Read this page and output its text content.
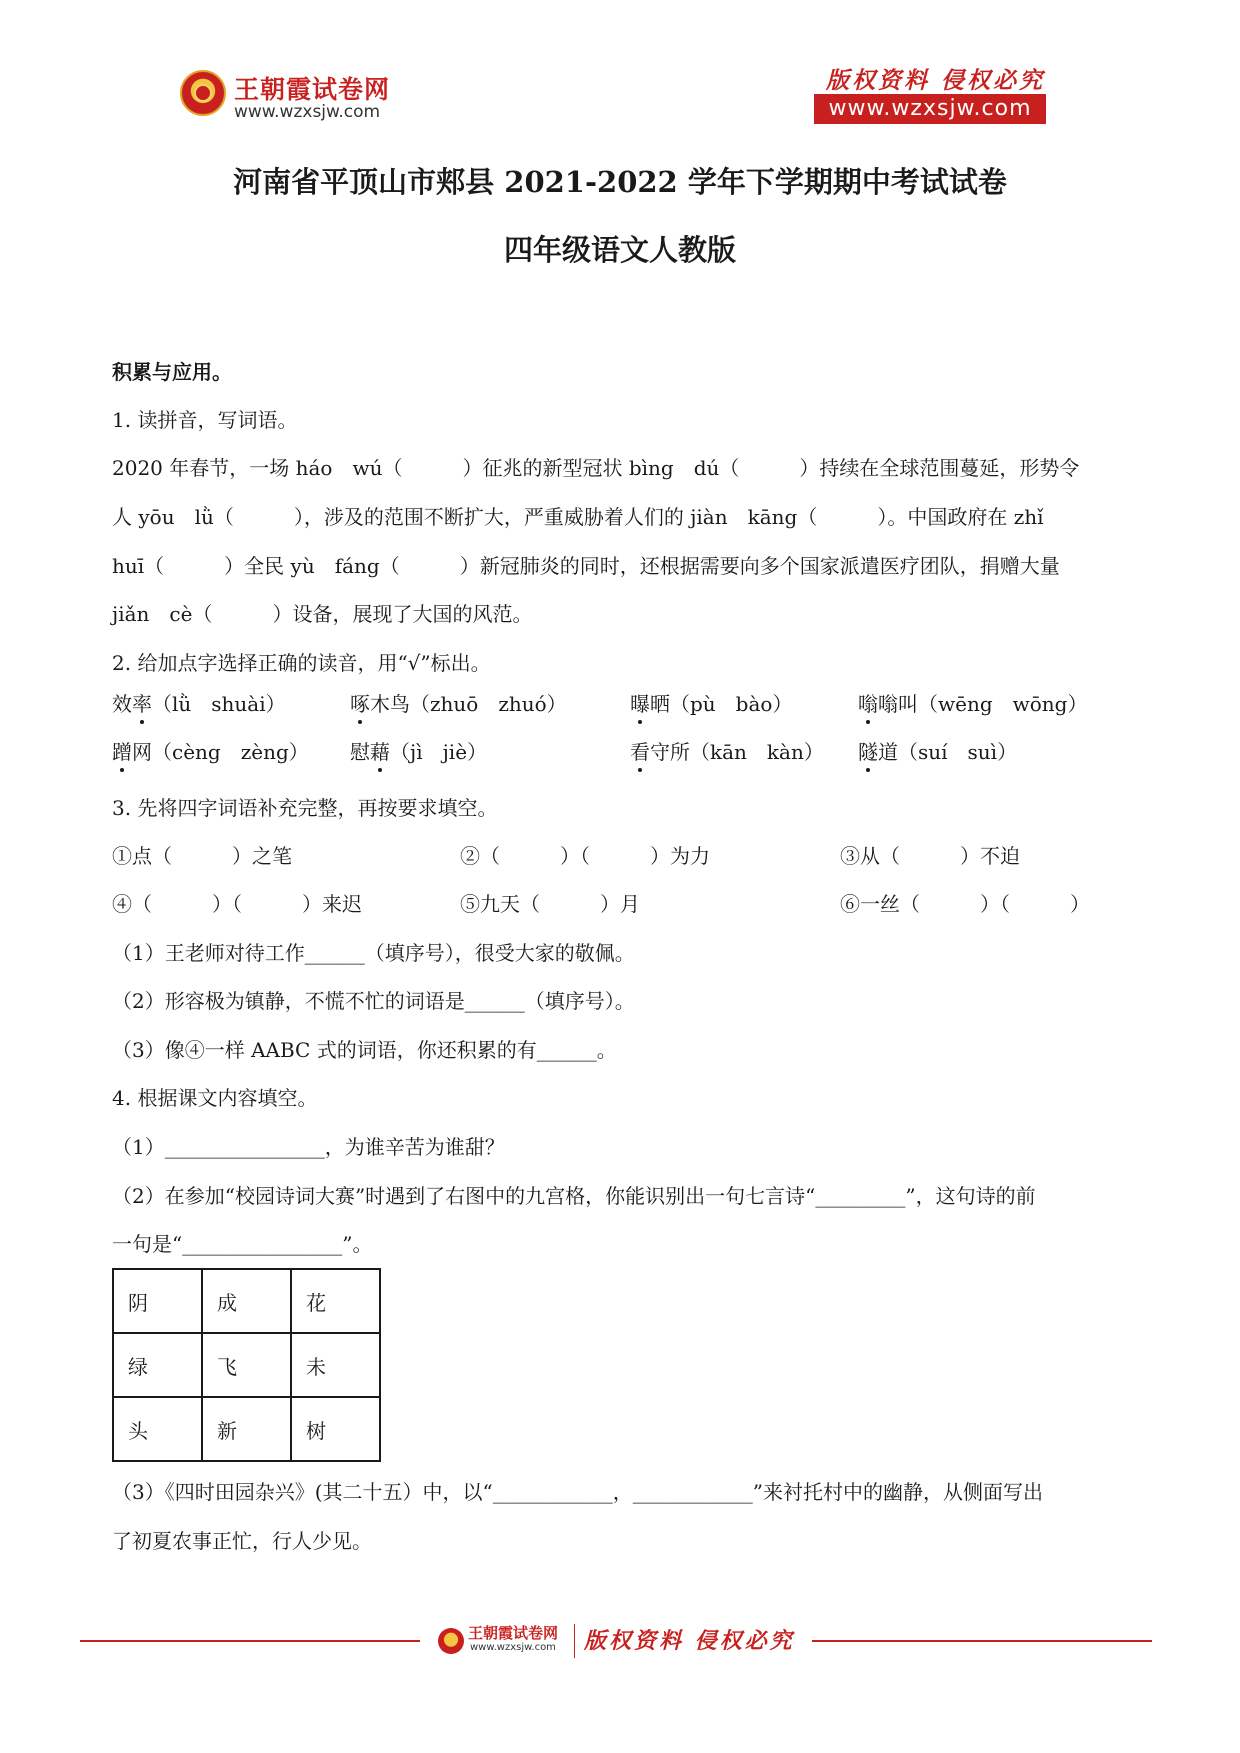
王朝霞试卷网
www.wzxsjw.com
版权资料 侵权必究
www.wzxsjw.com
河南省平顶山市郏县 2021-2022 学年下学期期中考试试卷
四年级语文人教版
积累与应用。
1. 读拼音，写词语。
2020 年春节，一场 háo　wú（　　　）征兆的新型冠状 bìng　dú（　　　）持续在全球范围蔓延，形势令
人 yōu　lǜ（　　　），涉及的范围不断扩大，严重威胁着人们的 jiàn　kāng（　　　）。中国政府在 zhǐ
huī（　　　）全民 yù　fáng（　　　）新冠肺炎的同时，还根据需要向多个国家派遣医疗团队，捐赠大量
jiǎn　cè（　　　）设备，展现了大国的风范。
2. 给加点字选择正确的读音，用“√”标出。
效率（lǜ　shuài）	啄木鸟（zhuō　zhuó）	曝晒（pù　bào）	嗡嗡叫（wēng　wōng）
蹭网（cèng　zèng） 慰藉（jì　jiè）	看守所（kān　kàn） 隧道（suí　suì）
3. 先将四字词语补充完整，再按要求填空。
①点（　　　）之笔	②（　　　）（　　　）为力	③从（　　　）不迫
④（　　　）（　　　）来迟	⑤九天（　　　）月	⑥一丝（　　　）（　　　）
（1）王老师对待工作______（填序号），很受大家的敬佩。
（2）形容极为镇静，不慌不忙的词语是______（填序号）。
（3）像④一样 AABC 式的词语，你还积累的有______。
4. 根据课文内容填空。
（1）________________，为谁辛苦为谁甜？
（2）在参加“校园诗词大赛”时遇到了右图中的九宫格，你能识别出一句七言诗“_________”，这句诗的前
一句是“________________”。
阴	成	花
绿	飞	未
头	新	树
（3）《四时田园杂兴》(其二十五）中，以“____________，____________”来衬托村中的幽静，从侧面写出
了初夏农事正忙，行人少见。
王朝霞试卷网
www.wzxsjw.com 版权资料 侵权必究
